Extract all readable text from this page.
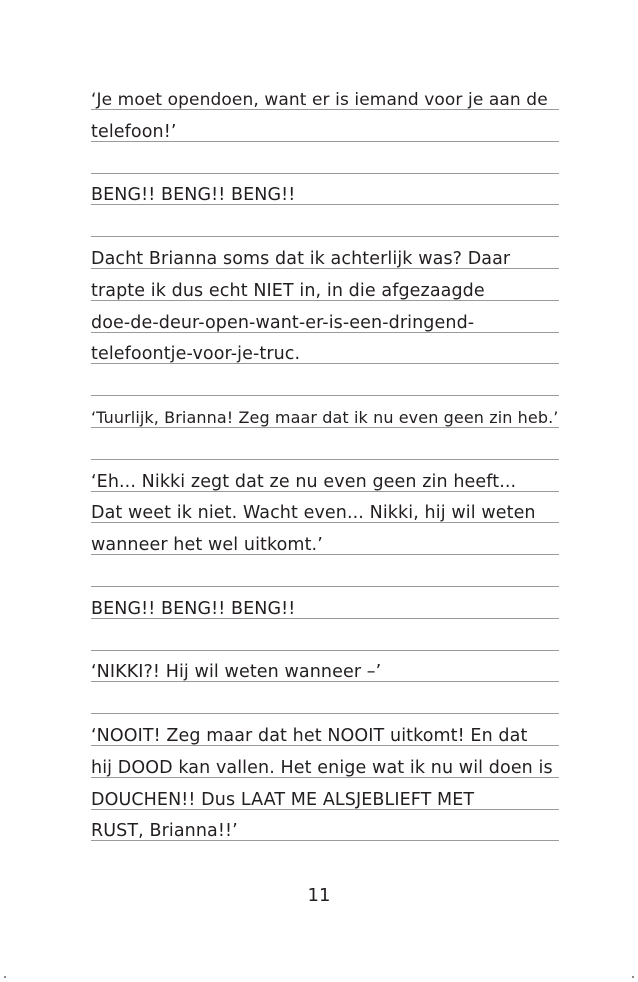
‘Je moet opendoen, want er is iemand voor je aan de
telefoon!’
BENG!! BENG!! BENG!!
Dacht Brianna soms dat ik achterlijk was? Daar
trapte ik dus echt NIET in, in die afgezaagde
doe-de-deur-open-want-er-is-een-dringend-
telefoontje-voor-je-truc.
‘Tuurlijk, Brianna! Zeg maar dat ik nu even geen zin heb.’
‘Eh... Nikki zegt dat ze nu even geen zin heeft...
Dat weet ik niet. Wacht even... Nikki, hij wil weten
wanneer het wel uitkomt.’
BENG!! BENG!! BENG!!
‘NIKKI?! Hij wil weten wanneer –’
‘NOOIT! Zeg maar dat het NOOIT uitkomt! En dat
hij DOOD kan vallen. Het enige wat ik nu wil doen is
DOUCHEN!! Dus LAAT ME ALSJEBLIEFT MET
RUST, Brianna!!’
11
